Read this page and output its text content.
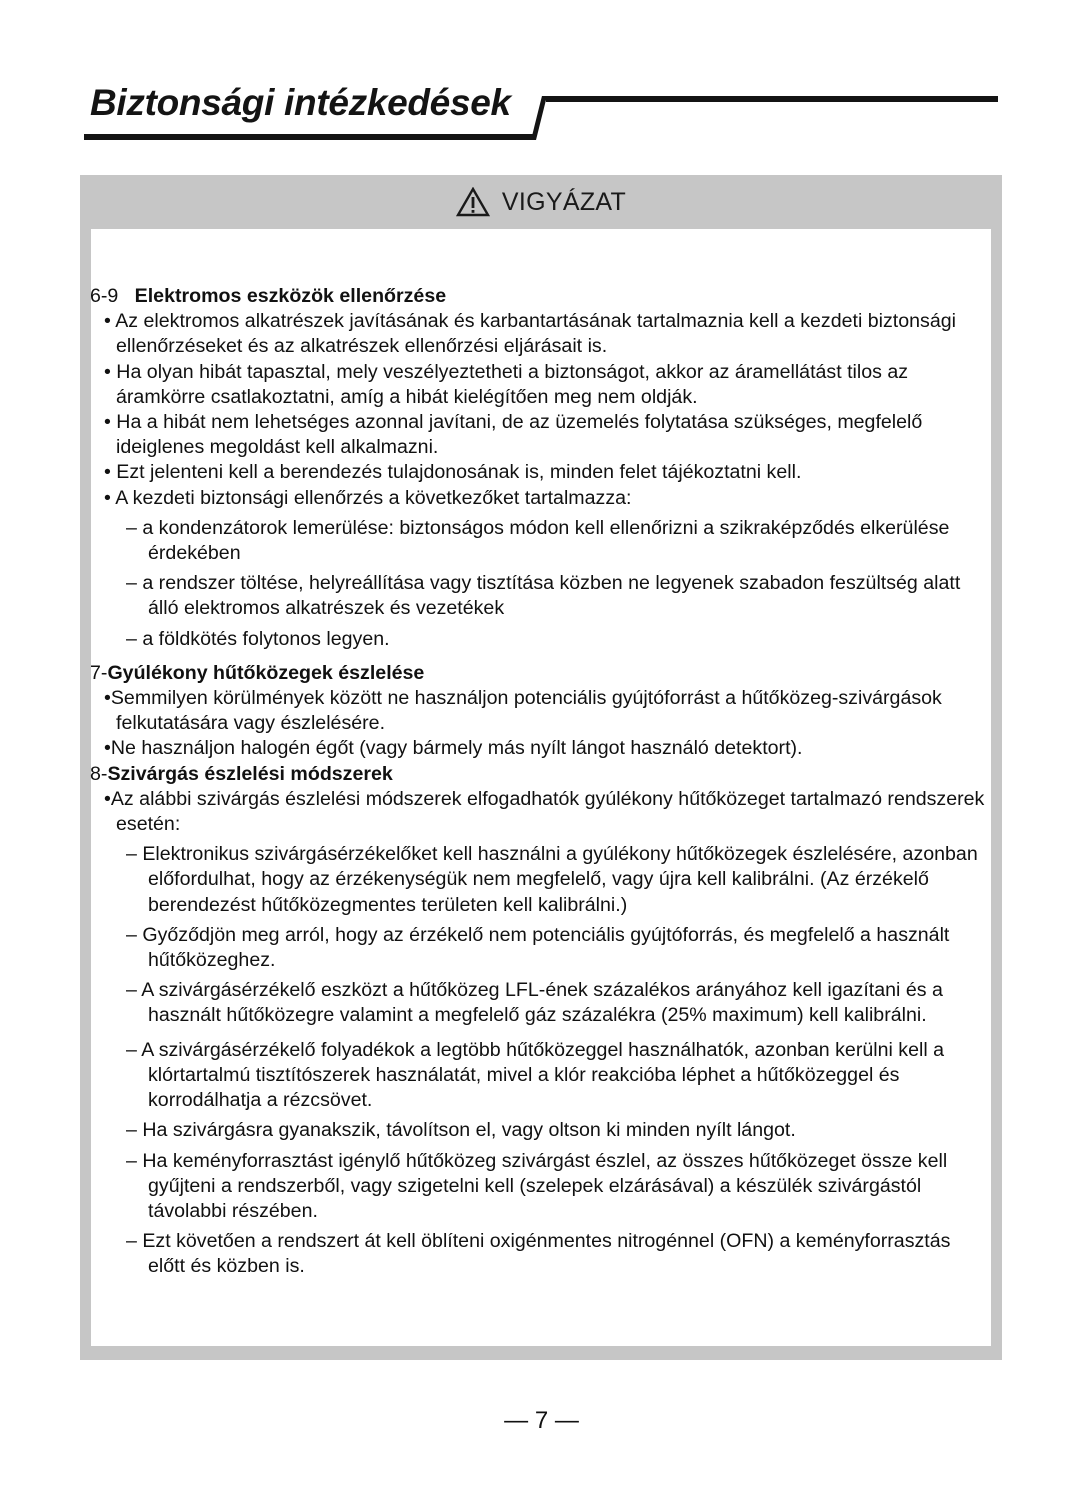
Biztonsági intézkedések
VIGYÁZAT

6-9 Elektromos eszközök ellenőrzése

• Az elektromos alkatrészek javításának és karbantartásának tartalmaznia kell a kezdeti biztonsági ellenőrzéseket és az alkatrészek ellenőrzési eljárásait is.

• Ha olyan hibát tapasztal, mely veszélyeztetheti a biztonságot, akkor az áramellátást tilos az áramkörre csatlakoztatni, amíg a hibát kielégítően meg nem oldják.

• Ha a hibát nem lehetséges azonnal javítani, de az üzemelés folytatása szükséges, megfelelő ideiglenes megoldást kell alkalmazni.

• Ezt jelenteni kell a berendezés tulajdonosának is, minden felet tájékoztatni kell.

• A kezdeti biztonsági ellenőrzés a következőket tartalmazza:

– a kondenzátorok lemerülése: biztonságos módon kell ellenőrizni a szikraképződés elkerülése érdekében

– a rendszer töltése, helyreállítása vagy tisztítása közben ne legyenek szabadon feszültség alatt álló elektromos alkatrészek és vezetékek

– a földkötés folytonos legyen.

7-Gyúlékony hűtőközegek észlelése

•Semmilyen körülmények között ne használjon potenciális gyújtóforrást a hűtőközeg-szivárgások felkutatására vagy észlelésére.

•Ne használjon halogén égőt (vagy bármely más nyílt lángot használó detektort).

8-Szivárgás észlelési módszerek

•Az alábbi szivárgás észlelési módszerek elfogadhatók gyúlékony hűtőközeget tartalmazó rendszerek esetén:

– Elektronikus szivárgásérzékelőket kell használni a gyúlékony hűtőközegek észlelésére, azonban előfordulhat, hogy az érzékenységük nem megfelelő, vagy újra kell kalibrálni. (Az érzékelő berendezést hűtőközegmentes területen kell kalibrálni.)

– Győződjön meg arról, hogy az érzékelő nem potenciális gyújtóforrás, és megfelelő a használt hűtőközeghez.

– A szivárgásérzékelő eszközt a hűtőközeg LFL-ének százalékos arányához kell igazítani és a használt hűtőközegre valamint a megfelelő gáz százalékra (25% maximum) kell kalibrálni.

– A szivárgásérzékelő folyadékok a legtöbb hűtőközeggel használhatók, azonban kerülni kell a klórtartalmú tisztítószerek használatát, mivel a klór reakcióba léphet a hűtőközeggel és korrodálhatja a rézcsövet.

– Ha szivárgásra gyanakszik, távolítson el, vagy oltson ki minden nyílt lángot.

– Ha keményforrasztást igénylő hűtőközeg szivárgást észlel, az összes hűtőközeget össze kell gyűjteni a rendszerből, vagy szigetelni kell (szelepek elzárásával) a készülék szivárgástól távolabbi részében.

– Ezt követően a rendszert át kell öblíteni oxigénmentes nitrogénnel (OFN) a keményforrasztás előtt és közben is.

— 7 —
